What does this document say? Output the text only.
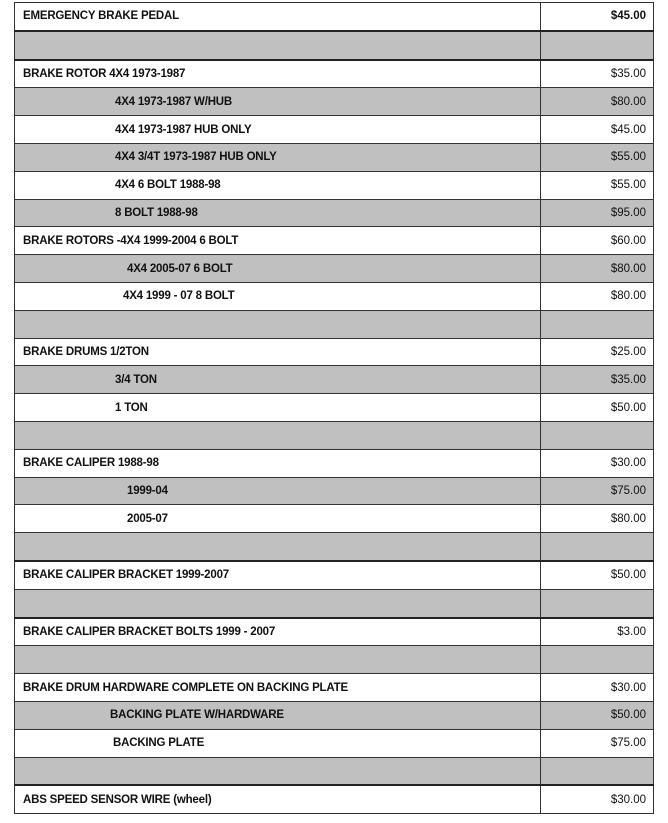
EMERGENCY BRAKE PEDAL	$45.00

BRAKE ROTOR 4X4 1973-1987	$35.00
4X4 1973-1987 W/HUB	$80.00
4X4 1973-1987 HUB ONLY	$45.00
4X4 3/4T 1973-1987 HUB ONLY	$55.00
4X4 6 BOLT 1988-98	$55.00
8 BOLT 1988-98	$95.00
BRAKE ROTORS -4X4 1999-2004 6 BOLT	$60.00
4X4 2005-07 6 BOLT	$80.00
4X4 1999 - 07 8 BOLT	$80.00

BRAKE DRUMS 1/2TON	$25.00
3/4 TON	$35.00
1 TON	$50.00

BRAKE CALIPER 1988-98	$30.00
1999-04	$75.00
2005-07	$80.00

BRAKE CALIPER BRACKET 1999-2007	$50.00

BRAKE CALIPER BRACKET BOLTS 1999 - 2007	$3.00

BRAKE DRUM HARDWARE COMPLETE ON BACKING PLATE	$30.00
BACKING PLATE W/HARDWARE	$50.00
BACKING PLATE	$75.00

ABS SPEED SENSOR WIRE (wheel)	$30.00
